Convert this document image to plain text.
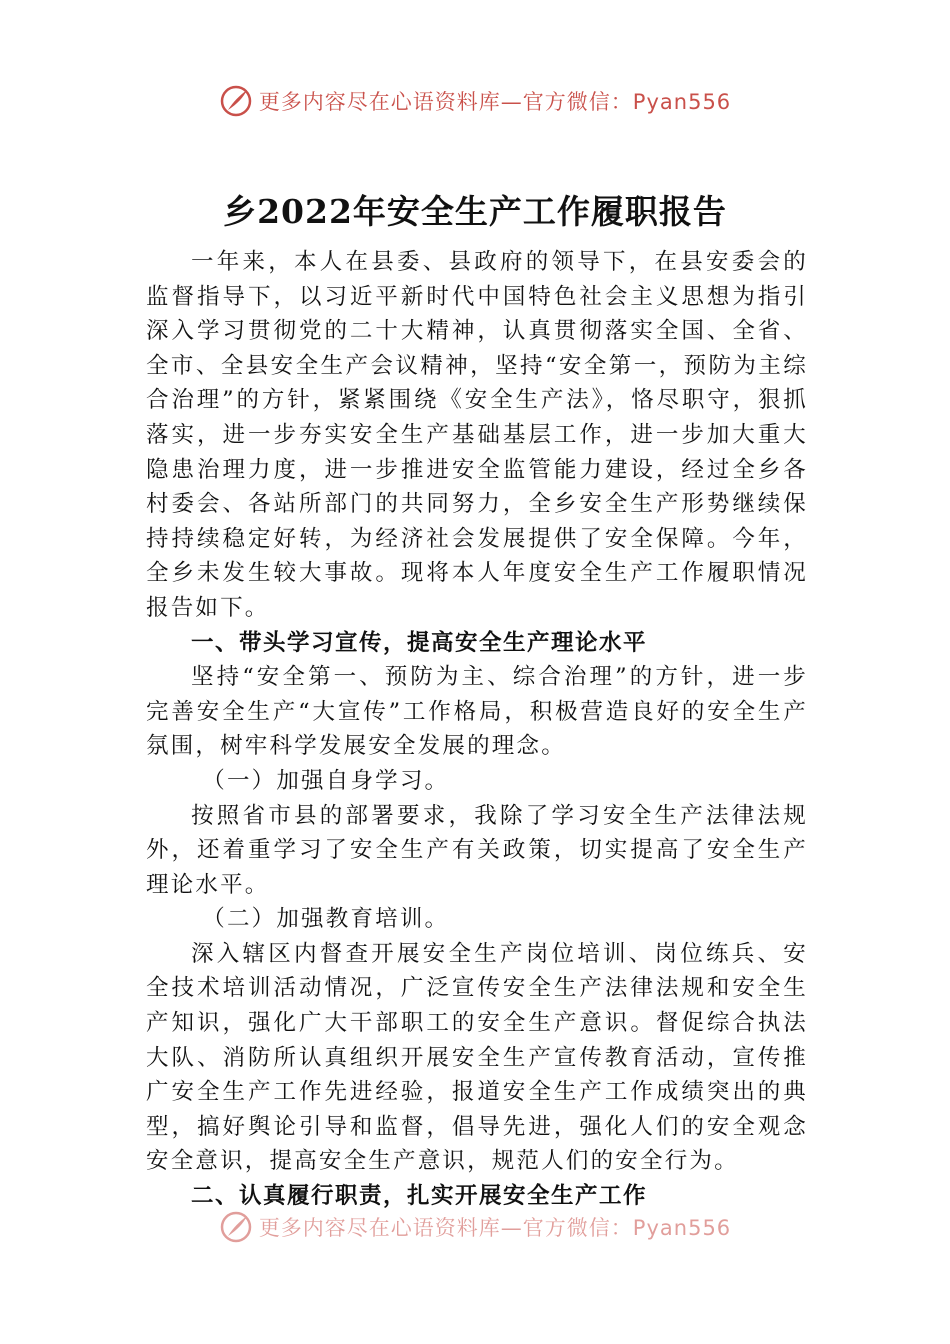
更多内容尽在心语资料库—官方微信：Pyan556
乡2022年安全生产工作履职报告

一年来，本人在县委、县政府的领导下，在县安委会的监督指导下，以习近平新时代中国特色社会主义思想为指引深入学习贯彻党的二十大精神，认真贯彻落实全国、全省、全市、全县安全生产会议精神，坚持“安全第一，预防为主综合治理”的方针，紧紧围绕《安全生产法》，恪尽职守，狠抓落实，进一步夯实安全生产基础基层工作，进一步加大重大隐患治理力度，进一步推进安全监管能力建设，经过全乡各村委会、各站所部门的共同努力，全乡安全生产形势继续保持持续稳定好转，为经济社会发展提供了安全保障。今年，全乡未发生较大事故。现将本人年度安全生产工作履职情况报告如下。

一、带头学习宣传，提高安全生产理论水平

坚持“安全第一、预防为主、综合治理”的方针，进一步完善安全生产“大宣传”工作格局，积极营造良好的安全生产氛围，树牢科学发展安全发展的理念。

（一）加强自身学习。

按照省市县的部署要求，我除了学习安全生产法律法规外，还着重学习了安全生产有关政策，切实提高了安全生产理论水平。

（二）加强教育培训。

深入辖区内督查开展安全生产岗位培训、岗位练兵、安全技术培训活动情况，广泛宣传安全生产法律法规和安全生产知识，强化广大干部职工的安全生产意识。督促综合执法大队、消防所认真组织开展安全生产宣传教育活动，宣传推广安全生产工作先进经验，报道安全生产工作成绩突出的典型，搞好舆论引导和监督，倡导先进，强化人们的安全观念安全意识，提高安全生产意识，规范人们的安全行为。

二、认真履行职责，扎实开展安全生产工作

更多内容尽在心语资料库—官方微信：Pyan556
